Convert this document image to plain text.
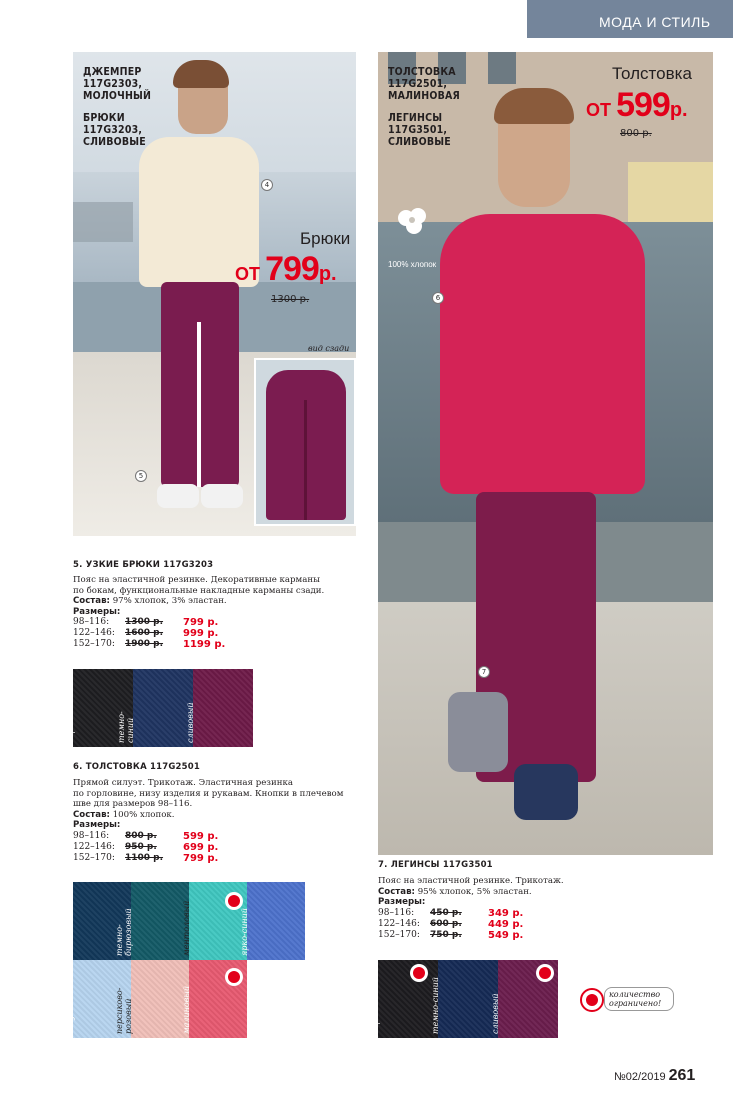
МОДА И СТИЛЬ
ДЖЕМПЕР
117G2303,
МОЛОЧНЫЙ
БРЮКИ
117G3203,
СЛИВОВЫЕ
Брюки
ОТ 799р.
1300 р.
4
5
вид сзади
ТОЛСТОВКА
117G2501,
МАЛИНОВАЯ
ЛЕГИНСЫ
117G3501,
СЛИВОВЫЕ
Толстовка
ОТ 599р.
800 р.
100% хлопок
6
7
5. УЗКИЕ БРЮКИ 117G3203
Пояс на эластичной резинке. Декоративные карманы
по бокам, функциональные накладные карманы сзади.
Состав: 97% хлопок, 3% эластан.
Размеры:
98–116:	1300 р.	799 р.
122–146:	1600 р.	999 р.
152–170:	1900 р.	1199 р.
черный	темно-
синий	сливовый
6. ТОЛСТОВКА 117G2501
Прямой силуэт. Трикотаж. Эластичная резинка
по горловине, низу изделия и рукавам. Кнопки в плечевом
шве для размеров 98–116.
Состав: 100% хлопок.
Размеры:
98–116:	800 р.	599 р.
122–146:	950 р.	699 р.
152–170:	1100 р.	799 р.
темно-
синий	темно-
бирюзовый	ментоловый	ярко-синий
светло-
голубой	персиково-
розовый	малиновый
7. ЛЕГИНСЫ 117G3501
Пояс на эластичной резинке. Трикотаж.
Состав: 95% хлопок, 5% эластан.
Размеры:
98–116:	450 р.	349 р.
122–146:	600 р.	449 р.
152–170:	750 р.	549 р.
черный	темно-синий	сливовый	количество ограничено!
№02/2019 261
